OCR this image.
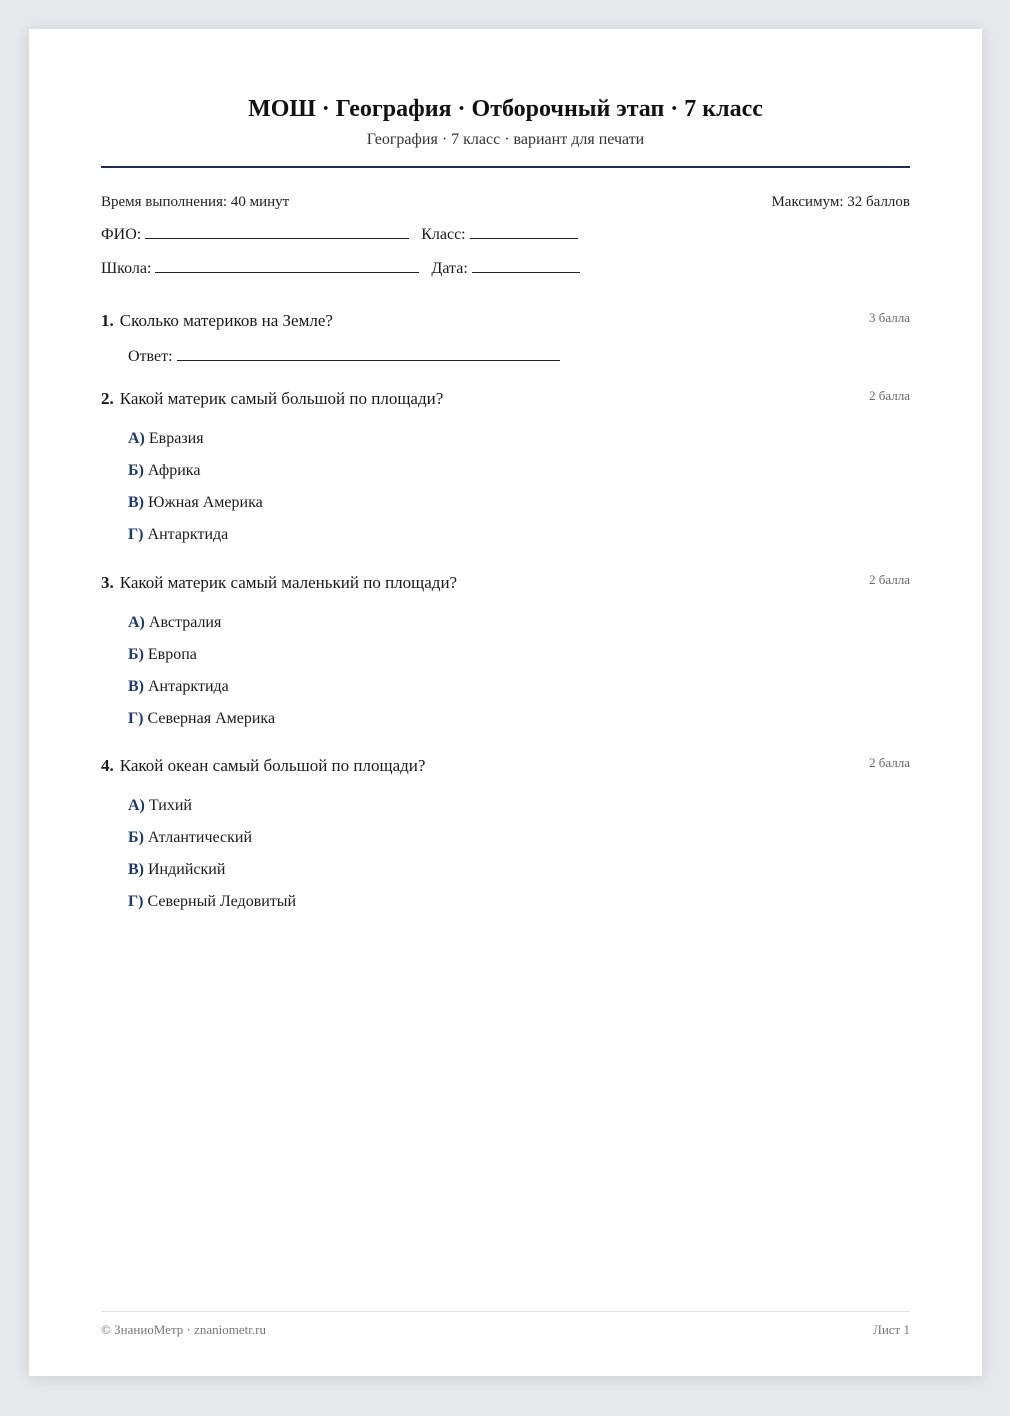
МОШ · География · Отборочный этап · 7 класс
География · 7 класс · вариант для печати
Время выполнения: 40 минут	Максимум: 32 баллов
ФИО:	Класс:
Школа:	Дата:
1. Сколько материков на Земле?	3 балла
Ответ:
2. Какой материк самый большой по площади?	2 балла
А) Евразия
Б) Африка
В) Южная Америка
Г) Антарктида
3. Какой материк самый маленький по площади?	2 балла
А) Австралия
Б) Европа
В) Антарктида
Г) Северная Америка
4. Какой океан самый большой по площади?	2 балла
А) Тихий
Б) Атлантический
В) Индийский
Г) Северный Ледовитый
© ЗнаниоМетр · znaniometr.ru	Лист 1
